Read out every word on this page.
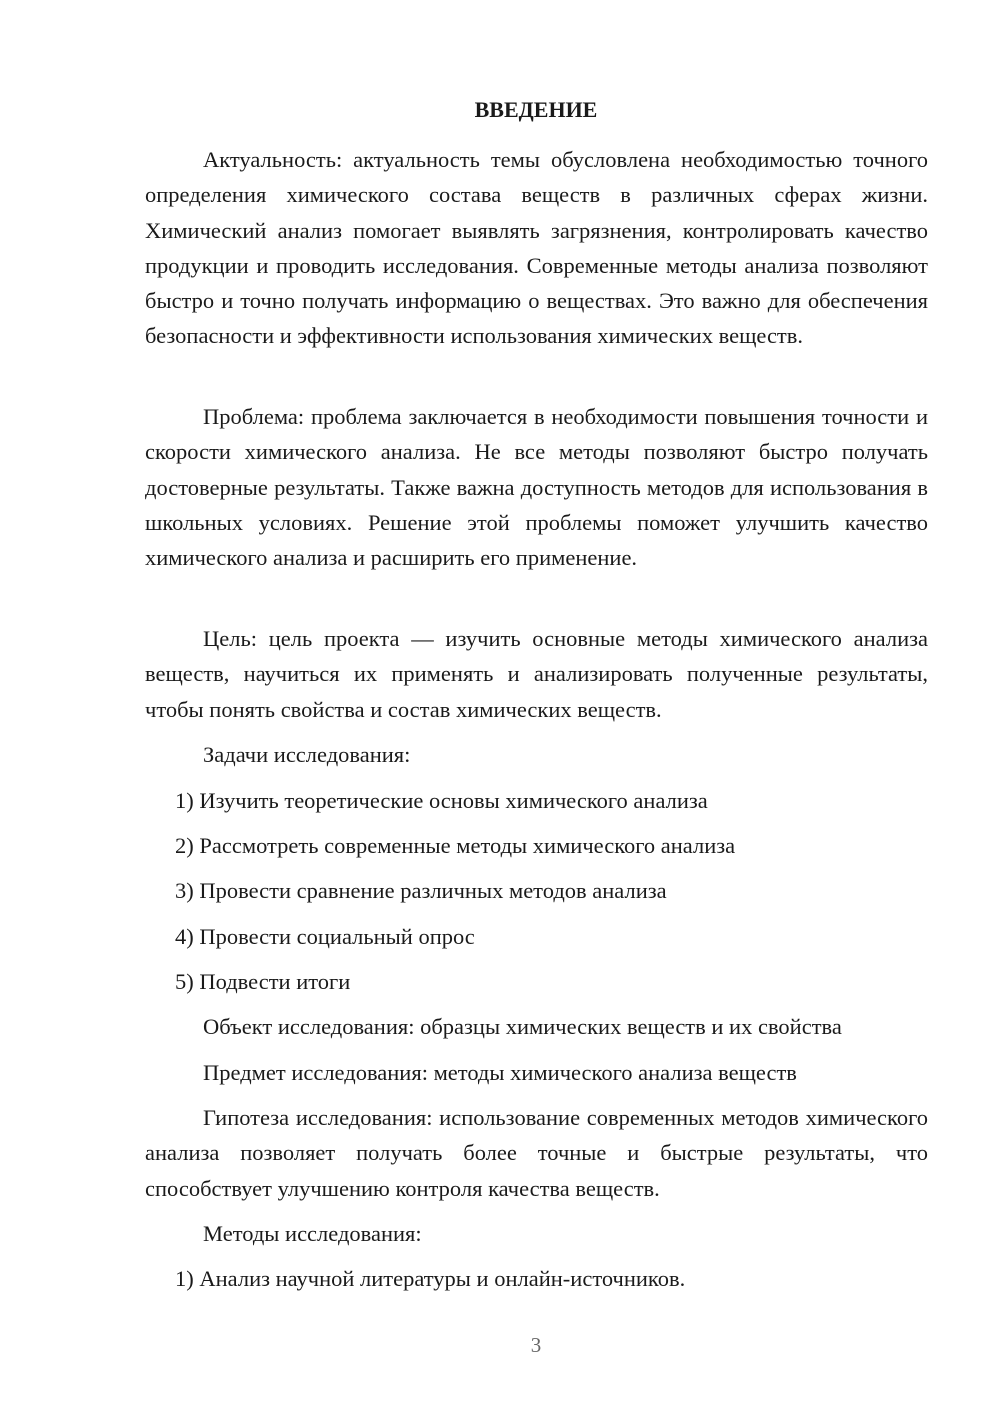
ВВЕДЕНИЕ

Актуальность: актуальность темы обусловлена необходимостью точного определения химического состава веществ в различных сферах жизни. Химический анализ помогает выявлять загрязнения, контролировать качество продукции и проводить исследования. Современные методы анализа позволяют быстро и точно получать информацию о веществах. Это важно для обеспечения безопасности и эффективности использования химических веществ.

Проблема: проблема заключается в необходимости повышения точности и скорости химического анализа. Не все методы позволяют быстро получать достоверные результаты. Также важна доступность методов для использования в школьных условиях. Решение этой проблемы поможет улучшить качество химического анализа и расширить его применение.

Цель: цель проекта — изучить основные методы химического анализа веществ, научиться их применять и анализировать полученные результаты, чтобы понять свойства и состав химических веществ.

Задачи исследования:

1) Изучить теоретические основы химического анализа

2) Рассмотреть современные методы химического анализа

3) Провести сравнение различных методов анализа

4) Провести социальный опрос

5) Подвести итоги

Объект исследования: образцы химических веществ и их свойства

Предмет исследования: методы химического анализа веществ

Гипотеза исследования: использование современных методов химического анализа позволяет получать более точные и быстрые результаты, что способствует улучшению контроля качества веществ.

Методы исследования:

1) Анализ научной литературы и онлайн-источников.

3
